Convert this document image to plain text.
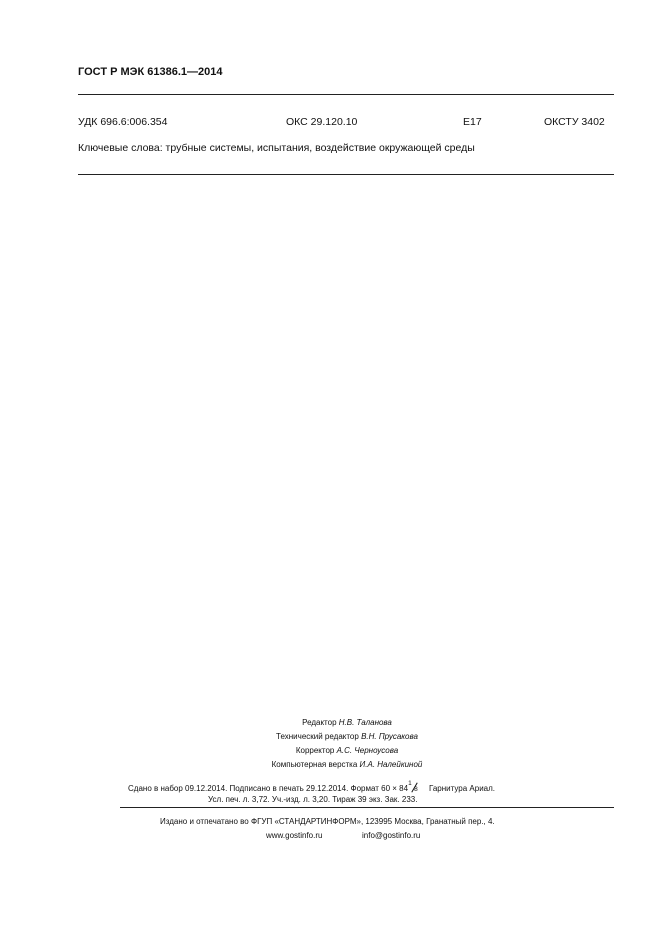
ГОСТ Р МЭК 61386.1—2014
УДК 696.6:006.354	ОКС 29.120.10	Е17	ОКСТУ 3402
Ключевые слова: трубные системы, испытания, воздействие окружающей среды
Редактор Н.В. Таланова
Технический редактор В.Н. Прусакова
Корректор А.С. Черноусова
Компьютерная верстка И.А. Налейкиной
Сдано в набор 09.12.2014. Подписано в печать 29.12.2014. Формат 60 × 84
1
8 Гарнитура Ариал.
Усл. печ. л. 3,72. Уч.-изд. л. 3,20. Тираж 39 экз. Зак. 233.
Издано и отпечатано во ФГУП «СТАНДАРТИНФОРМ», 123995 Москва, Гранатный пер., 4.
www.gostinfo.ru	info@gostinfo.ru
